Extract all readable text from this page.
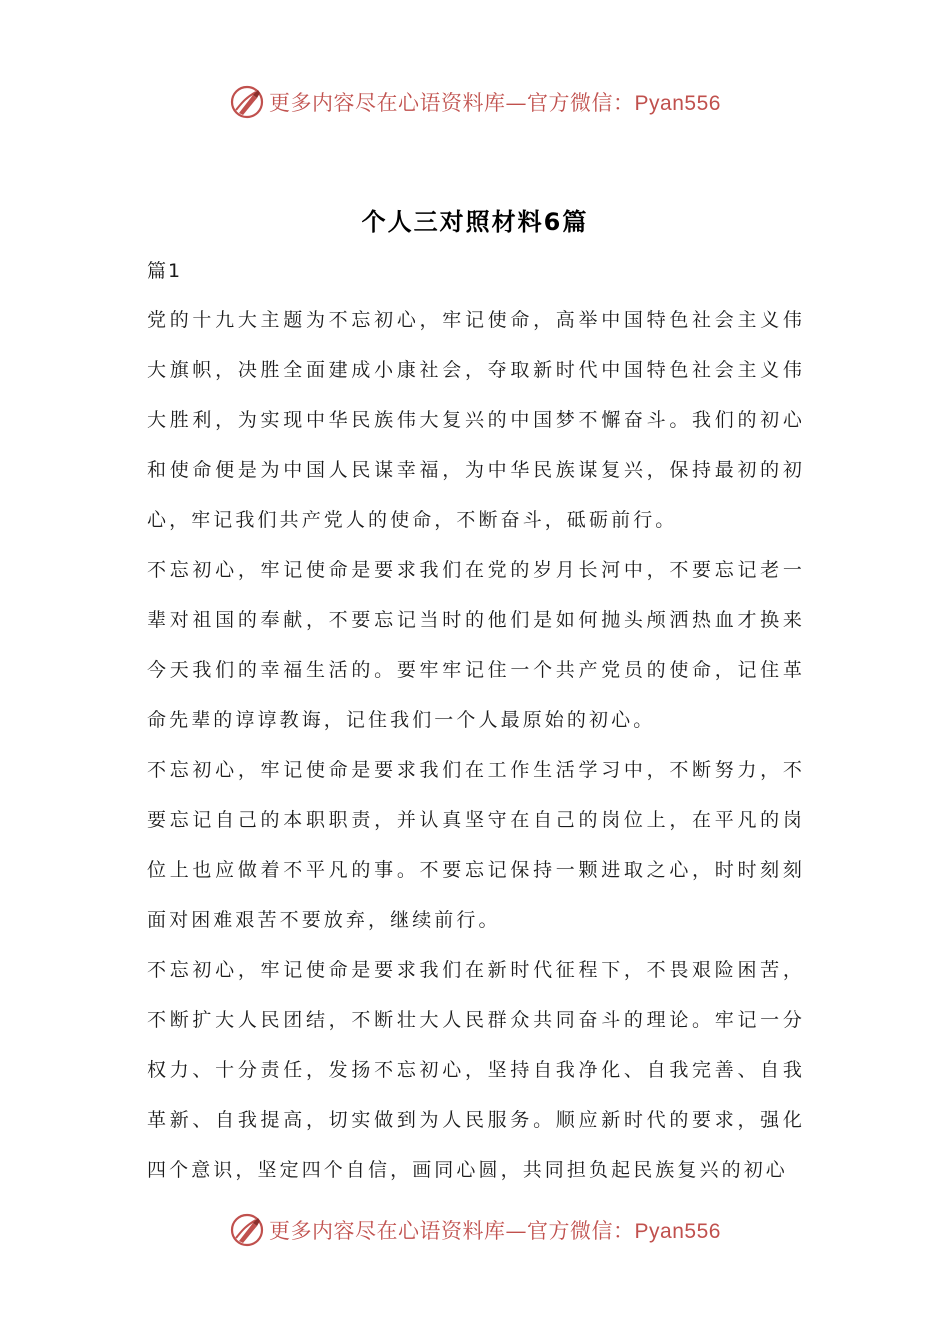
更多内容尽在心语资料库—官方微信：Pyan556
个人三对照材料6篇
篇1

党的十九大主题为不忘初心，牢记使命，高举中国特色社会主义伟大旗帜，决胜全面建成小康社会，夺取新时代中国特色社会主义伟大胜利，为实现中华民族伟大复兴的中国梦不懈奋斗。我们的初心和使命便是为中国人民谋幸福，为中华民族谋复兴，保持最初的初心，牢记我们共产党人的使命，不断奋斗，砥砺前行。

不忘初心，牢记使命是要求我们在党的岁月长河中，不要忘记老一辈对祖国的奉献，不要忘记当时的他们是如何抛头颅洒热血才换来今天我们的幸福生活的。要牢牢记住一个共产党员的使命，记住革命先辈的谆谆教诲，记住我们一个人最原始的初心。

不忘初心，牢记使命是要求我们在工作生活学习中，不断努力，不要忘记自己的本职职责，并认真坚守在自己的岗位上，在平凡的岗位上也应做着不平凡的事。不要忘记保持一颗进取之心，时时刻刻面对困难艰苦不要放弃，继续前行。

不忘初心，牢记使命是要求我们在新时代征程下，不畏艰险困苦，不断扩大人民团结，不断壮大人民群众共同奋斗的理论。牢记一分权力、十分责任，发扬不忘初心，坚持自我净化、自我完善、自我革新、自我提高，切实做到为人民服务。顺应新时代的要求，强化四个意识，坚定四个自信，画同心圆，共同担负起民族复兴的初心

更多内容尽在心语资料库—官方微信：Pyan556
